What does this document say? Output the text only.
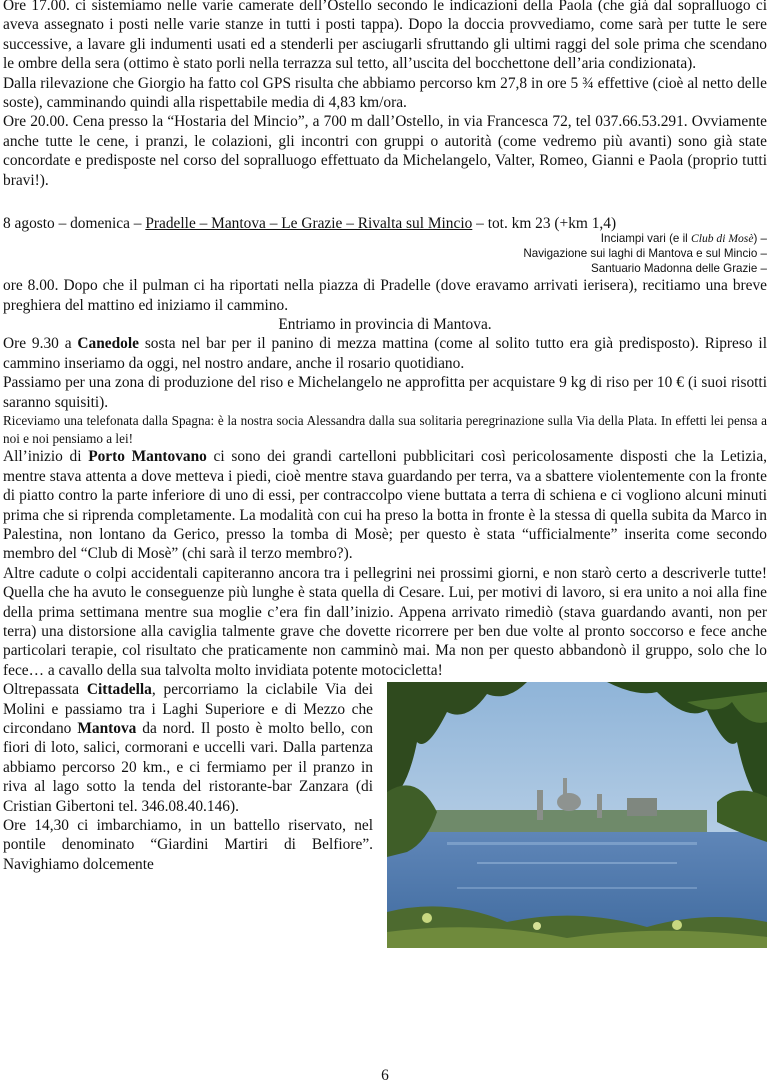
Ore 17.00. ci sistemiamo nelle varie camerate dell’Ostello secondo le indicazioni della Paola (che già dal sopralluogo ci aveva assegnato i posti nelle varie stanze in tutti i posti tappa). Dopo la doccia provvediamo, come sarà per tutte le sere successive, a lavare gli indumenti usati ed a stenderli per asciugarli sfruttando gli ultimi raggi del sole prima che scendano le ombre della sera (ottimo è stato porli nella terrazza sul tetto, all’uscita del bocchettone dell’aria condizionata).

Dalla rilevazione che Giorgio ha fatto col GPS risulta che abbiamo percorso km 27,8 in ore 5 ¾ effettive (cioè al netto delle soste), camminando quindi alla rispettabile media di 4,83 km/ora.

Ore 20.00. Cena presso la “Hostaria del Mincio”, a 700 m dall’Ostello, in via Francesca 72, tel 037.66.53.291. Ovviamente anche tutte le cene, i pranzi, le colazioni, gli incontri con gruppi o autorità (come vedremo più avanti) sono già state concordate e predisposte nel corso del sopralluogo effettuato da Michelangelo, Valter, Romeo, Gianni e Paola (proprio tutti bravi!).

8 agosto – domenica – Pradelle – Mantova – Le Grazie – Rivalta sul Mincio – tot. km 23 (+km 1,4)
Inciampi vari (e il Club di Mosè) –
Navigazione sui laghi di Mantova e sul Mincio –
Santuario Madonna delle Grazie –

ore 8.00. Dopo che il pulman ci ha riportati nella piazza di Pradelle (dove eravamo arrivati ierisera), recitiamo una breve preghiera del mattino ed iniziamo il cammino.

Entriamo in provincia di Mantova.

Ore 9.30 a Canedole sosta nel bar per il panino di mezza mattina (come al solito tutto era già predisposto). Ripreso il cammino inseriamo da oggi, nel nostro andare, anche il rosario quotidiano.

Passiamo per una zona di produzione del riso e Michelangelo ne approfitta per acquistare 9 kg di riso per 10 € (i suoi risotti saranno squisiti).

Riceviamo una telefonata dalla Spagna: è la nostra socia Alessandra dalla sua solitaria peregrinazione sulla Via della Plata. In effetti lei pensa a noi e noi pensiamo a lei!

All’inizio di Porto Mantovano ci sono dei grandi cartelloni pubblicitari così pericolosamente disposti che la Letizia, mentre stava attenta a dove metteva i piedi, cioè mentre stava guardando per terra, va a sbattere violentemente con la fronte di piatto contro la parte inferiore di uno di essi, per contraccolpo viene buttata a terra di schiena e ci vogliono alcuni minuti prima che si riprenda completamente. La modalità con cui ha preso la botta in fronte è la stessa di quella subita da Marco in Palestina, non lontano da Gerico, presso la tomba di Mosè; per questo è stata “ufficialmente” inserita come secondo membro del “Club di Mosè” (chi sarà il terzo membro?).

Altre cadute o colpi accidentali capiteranno ancora tra i pellegrini nei prossimi giorni, e non starò certo a descriverle tutte! Quella che ha avuto le conseguenze più lunghe è stata quella di Cesare. Lui, per motivi di lavoro, si era unito a noi alla fine della prima settimana mentre sua moglie c’era fin dall’inizio. Appena arrivato rimediò (stava guardando avanti, non per terra) una distorsione alla caviglia talmente grave che dovette ricorrere per ben due volte al pronto soccorso e fece anche particolari terapie, col risultato che praticamente non camminò mai. Ma non per questo abbandonò il gruppo, solo che lo fece… a cavallo della sua talvolta molto invidiata potente motocicletta!

Oltrepassata Cittadella, percorriamo la ciclabile Via dei Molini e passiamo tra i Laghi Superiore e di Mezzo che circondano Mantova da nord. Il posto è molto bello, con fiori di loto, salici, cormorani e uccelli vari. Dalla partenza abbiamo percorso 20 km., e ci fermiamo per il pranzo in riva al lago sotto la tenda del ristorante-bar Zanzara (di Cristian Gibertoni tel. 346.08.40.146).

Ore 14,30 ci imbarchiamo, in un battello riservato, nel pontile denominato “Giardini Martiri di Belfiore”. Navighiamo dolcemente

6
